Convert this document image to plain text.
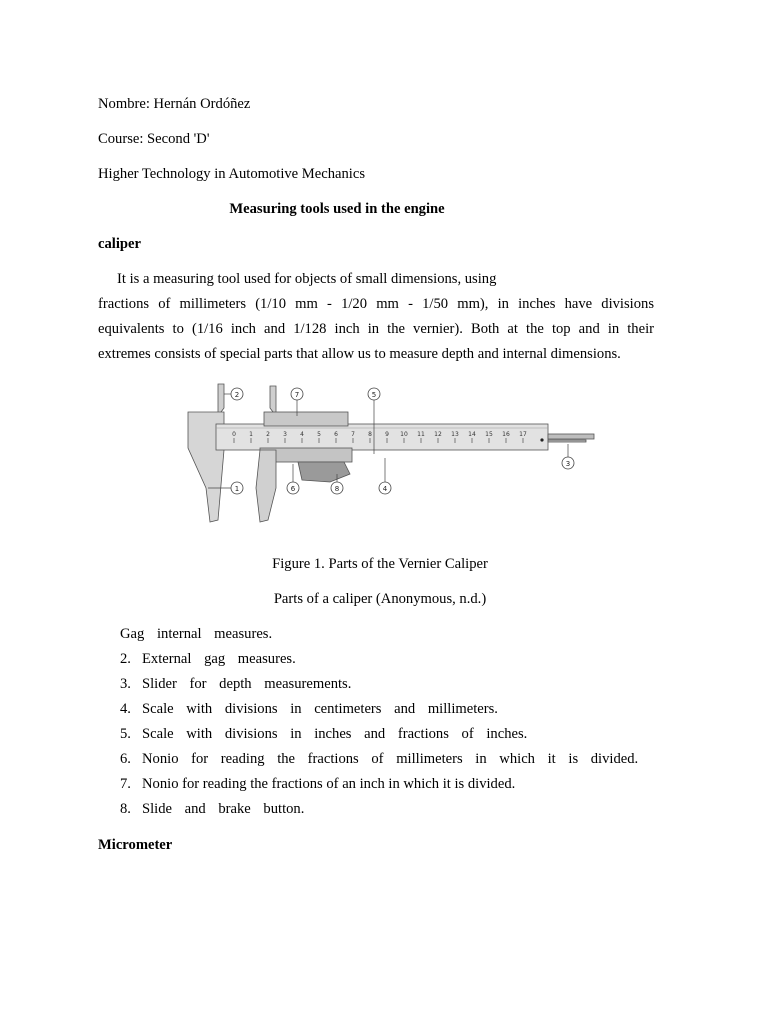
Nombre: Hernán Ordóñez
Course: Second 'D'
Higher Technology in Automotive Mechanics
Measuring tools used in the engine
caliper
It is a measuring tool used for objects of small dimensions, using
fractions of millimeters (1/10 mm - 1/20 mm - 1/50 mm), in inches have divisions
equivalents to (1/16 inch and 1/128 inch in the vernier). Both at the top and in their
extremes consists of special parts that allow us to measure depth and internal dimensions.
0 1 2 3 4 5 6 7 8 9 10 11 12 13 14 15 16 17
2	7	5
3
4
8
6
1
Figure 1. Parts of the Vernier Caliper
Parts of a caliper (Anonymous, n.d.)
Gag internal measures.
2. External gag measures.
3. Slider for depth measurements.
4. Scale with divisions in centimeters and millimeters.
5. Scale with divisions in inches and fractions of inches.
6. Nonio for reading the fractions of millimeters in which it is divided.
7. Nonio for reading the fractions of an inch in which it is divided.
8. Slide and brake button.
Micrometer
